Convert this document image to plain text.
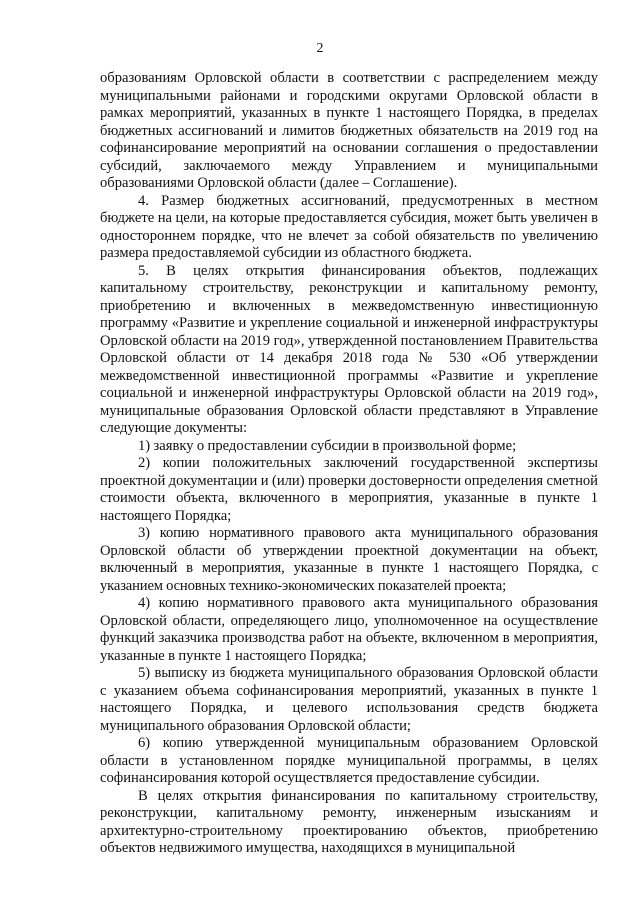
2

образованиям Орловской области в соответствии с распределением между муниципальными районами и городскими округами Орловской области в рамках мероприятий, указанных в пункте 1 настоящего Порядка, в пределах бюджетных ассигнований и лимитов бюджетных обязательств на 2019 год на софинансирование мероприятий на основании соглашения о предоставлении субсидий, заключаемого между Управлением и муниципальными образованиями Орловской области (далее – Соглашение).

4. Размер бюджетных ассигнований, предусмотренных в местном бюджете на цели, на которые предоставляется субсидия, может быть увеличен в одностороннем порядке, что не влечет за собой обязательств по увеличению размера предоставляемой субсидии из областного бюджета.

5. В целях открытия финансирования объектов, подлежащих капитальному строительству, реконструкции и капитальному ремонту, приобретению и включенных в межведомственную инвестиционную программу «Развитие и укрепление социальной и инженерной инфраструктуры Орловской области на 2019 год», утвержденной постановлением Правительства Орловской области от 14 декабря 2018 года № 530 «Об утверждении межведомственной инвестиционной программы «Развитие и укрепление социальной и инженерной инфраструктуры Орловской области на 2019 год», муниципальные образования Орловской области представляют в Управление следующие документы:

1) заявку о предоставлении субсидии в произвольной форме;

2) копии положительных заключений государственной экспертизы проектной документации и (или) проверки достоверности определения сметной стоимости объекта, включенного в мероприятия, указанные в пункте 1 настоящего Порядка;

3) копию нормативного правового акта муниципального образования Орловской области об утверждении проектной документации на объект, включенный в мероприятия, указанные в пункте 1 настоящего Порядка, с указанием основных технико-экономических показателей проекта;

4) копию нормативного правового акта муниципального образования Орловской области, определяющего лицо, уполномоченное на осуществление функций заказчика производства работ на объекте, включенном в мероприятия, указанные в пункте 1 настоящего Порядка;

5) выписку из бюджета муниципального образования Орловской области с указанием объема софинансирования мероприятий, указанных в пункте 1 настоящего Порядка, и целевого использования средств бюджета муниципального образования Орловской области;

6) копию утвержденной муниципальным образованием Орловской области в установленном порядке муниципальной программы, в целях софинансирования которой осуществляется предоставление субсидии.

В целях открытия финансирования по капитальному строительству, реконструкции, капитальному ремонту, инженерным изысканиям и архитектурно-строительному проектированию объектов, приобретению объектов недвижимого имущества, находящихся в муниципальной
